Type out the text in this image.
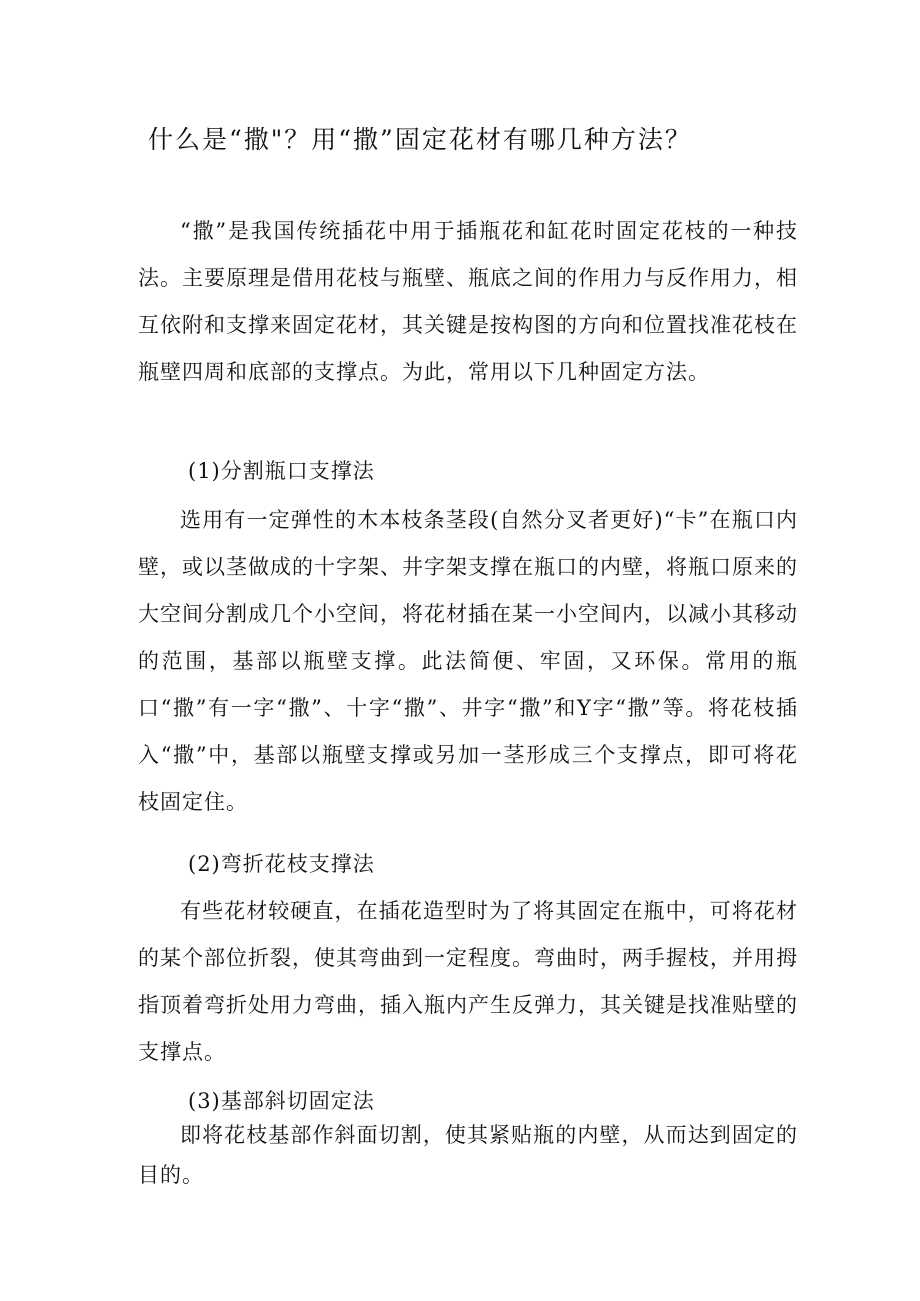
什么是“撒"？用“撒”固定花材有哪几种方法？

“撒”是我国传统插花中用于插瓶花和缸花时固定花枝的一种技法。主要原理是借用花枝与瓶壁、瓶底之间的作用力与反作用力，相互依附和支撑来固定花材，其关键是按构图的方向和位置找准花枝在瓶壁四周和底部的支撑点。为此，常用以下几种固定方法。

(1)分割瓶口支撑法

选用有一定弹性的木本枝条茎段(自然分叉者更好)“卡”在瓶口内壁，或以茎做成的十字架、井字架支撑在瓶口的内壁，将瓶口原来的大空间分割成几个小空间，将花材插在某一小空间内，以减小其移动的范围，基部以瓶壁支撑。此法简便、牢固，又环保。常用的瓶口“撒”有一字“撒”、十字“撒”、井字“撒”和Y字“撒”等。将花枝插入“撒”中，基部以瓶壁支撑或另加一茎形成三个支撑点，即可将花枝固定住。

(2)弯折花枝支撑法

有些花材较硬直，在插花造型时为了将其固定在瓶中，可将花材的某个部位折裂，使其弯曲到一定程度。弯曲时，两手握枝，并用拇指顶着弯折处用力弯曲，插入瓶内产生反弹力，其关键是找准贴壁的支撑点。

(3)基部斜切固定法

即将花枝基部作斜面切割，使其紧贴瓶的内壁，从而达到固定的目的。
